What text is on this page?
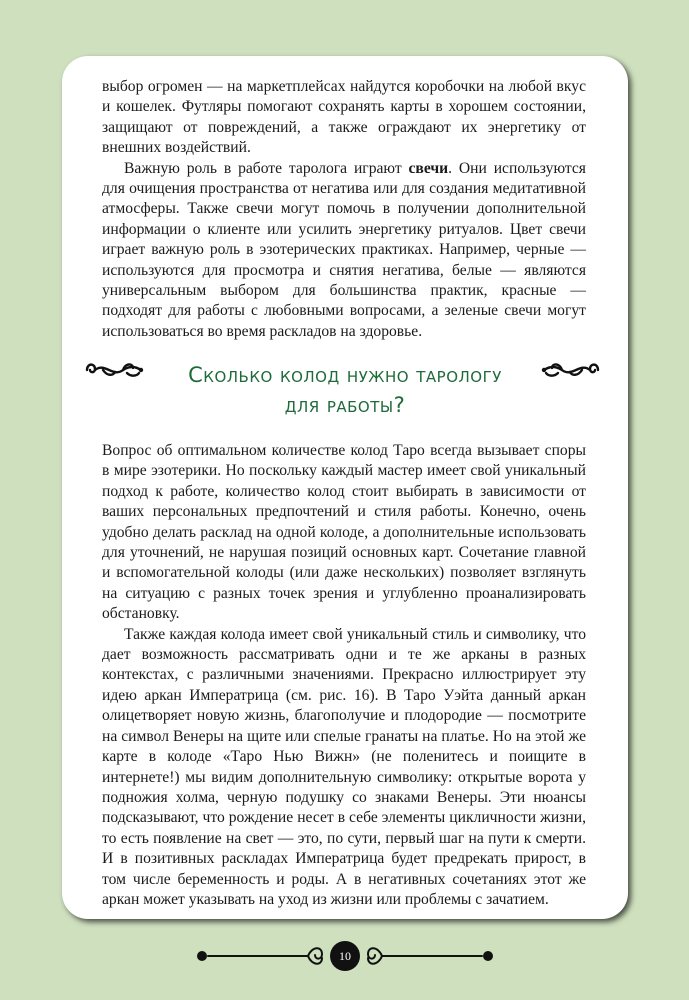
выбор огромен — на маркетплейсах найдутся коробочки на любой вкус и кошелек. Футляры помогают сохранять карты в хорошем состоянии, защищают от повреждений, а также ограждают их энергетику от внешних воздействий.

Важную роль в работе таролога играют свечи. Они используются для очищения пространства от негатива или для создания медитативной атмосферы. Также свечи могут помочь в получении дополнительной информации о клиенте или усилить энергетику ритуалов. Цвет свечи играет важную роль в эзотерических практиках. Например, черные — используются для просмотра и снятия негатива, белые — являются универсальным выбором для большинства практик, красные — подходят для работы с любовными вопросами, а зеленые свечи могут использоваться во время раскладов на здоровье.

Сколько колод нужно тарологу
для работы?

Вопрос об оптимальном количестве колод Таро всегда вызывает споры в мире эзотерики. Но поскольку каждый мастер имеет свой уникальный подход к работе, количество колод стоит выбирать в зависимости от ваших персональных предпочтений и стиля работы. Конечно, очень удобно делать расклад на одной колоде, а дополнительные использовать для уточнений, не нарушая позиций основных карт. Сочетание главной и вспомогательной колоды (или даже нескольких) позволяет взглянуть на ситуацию с разных точек зрения и углубленно проанализировать обстановку.

Также каждая колода имеет свой уникальный стиль и символику, что дает возможность рассматривать одни и те же арканы в разных контекстах, с различными значениями. Прекрасно иллюстрирует эту идею аркан Императрица (см. рис. 16). В Таро Уэйта данный аркан олицетворяет новую жизнь, благополучие и плодородие — посмотрите на символ Венеры на щите или спелые гранаты на платье. Но на этой же карте в колоде «Таро Нью Вижн» (не поленитесь и поищите в интернете!) мы видим дополнительную символику: открытые ворота у подножия холма, черную подушку со знаками Венеры. Эти нюансы подсказывают, что рождение несет в себе элементы цикличности жизни, то есть появление на свет — это, по сути, первый шаг на пути к смерти. И в позитивных раскладах Императрица будет предрекать прирост, в том числе беременность и роды. А в негативных сочетаниях этот же аркан может указывать на уход из жизни или проблемы с зачатием.

10
